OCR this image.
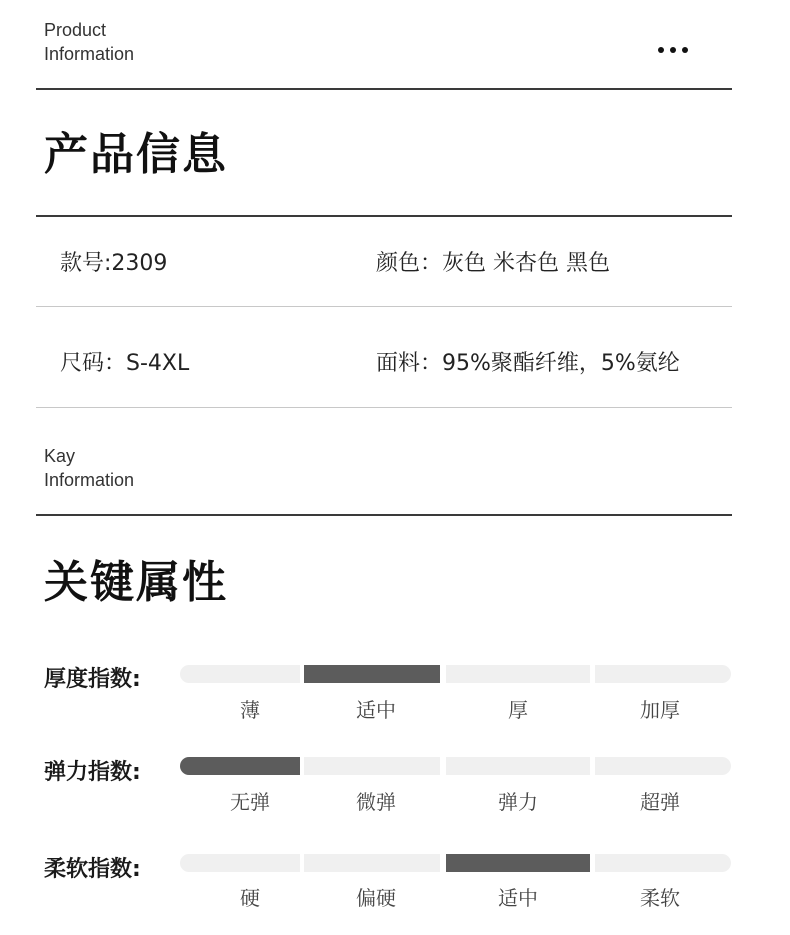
Product
Information
产品信息
款号:2309	颜色：灰色 米杏色 黑色
尺码：S-4XL	面料：95%聚酯纤维，5%氨纶
Kay
Information
关键属性
厚度指数:
薄	适中	厚	加厚
弹力指数:
无弹	微弹	弹力	超弹
柔软指数:
硬	偏硬	适中	柔软
